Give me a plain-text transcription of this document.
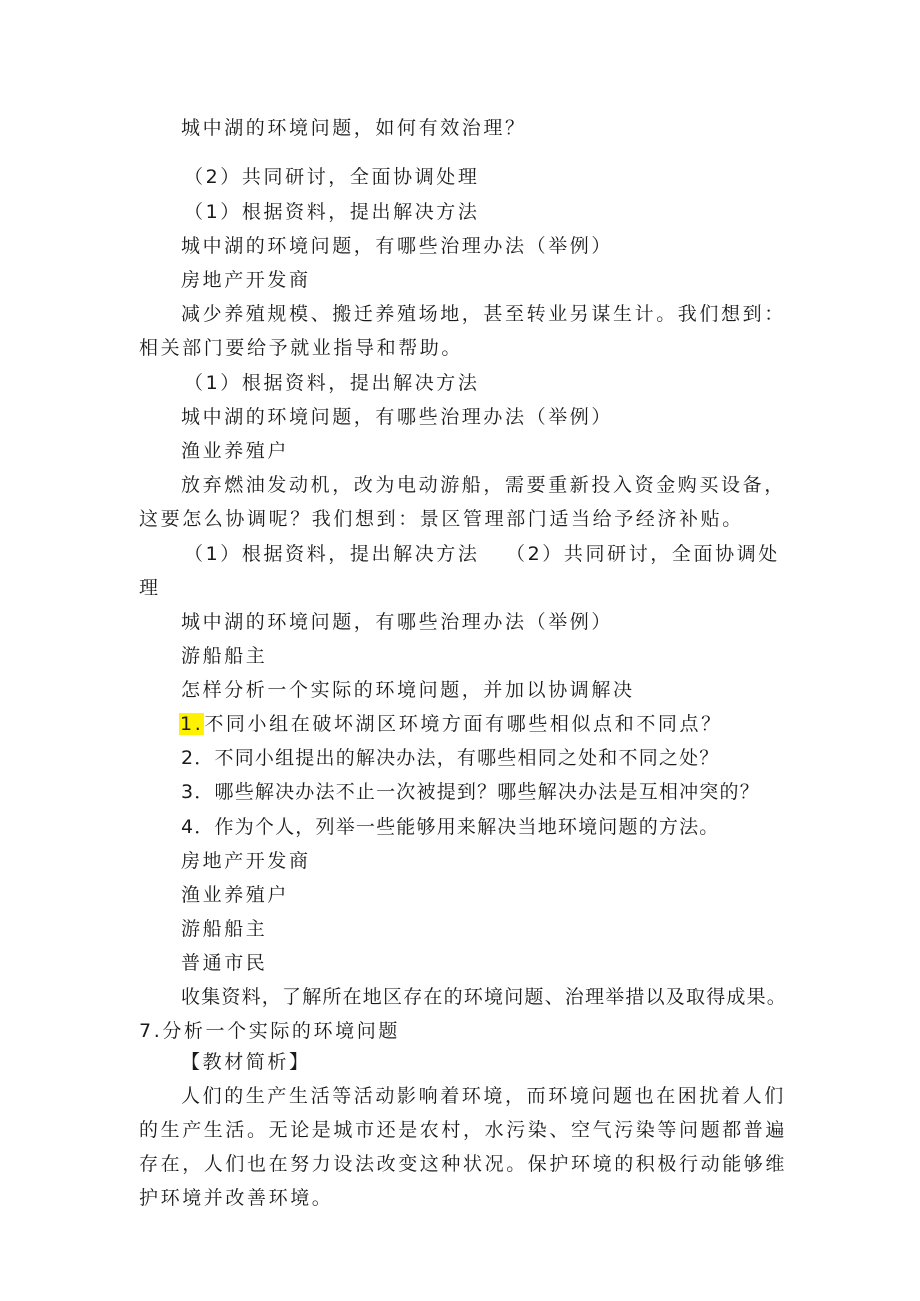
城中湖的环境问题，如何有效治理？
（2）共同研讨，全面协调处理
（1）根据资料，提出解决方法
城中湖的环境问题，有哪些治理办法（举例）
房地产开发商
减少养殖规模、搬迁养殖场地，甚至转业另谋生计。我们想到：相关部门要给予就业指导和帮助。
（1）根据资料，提出解决方法
城中湖的环境问题，有哪些治理办法（举例）
渔业养殖户
放弃燃油发动机，改为电动游船，需要重新投入资金购买设备，这要怎么协调呢？我们想到：景区管理部门适当给予经济补贴。
（1）根据资料，提出解决方法 （2）共同研讨，全面协调处
理
城中湖的环境问题，有哪些治理办法（举例）
游船船主
怎样分析一个实际的环境问题，并加以协调解决
1.不同小组在破坏湖区环境方面有哪些相似点和不同点？
2．不同小组提出的解决办法，有哪些相同之处和不同之处？
3．哪些解决办法不止一次被提到？哪些解决办法是互相冲突的？
4．作为个人，列举一些能够用来解决当地环境问题的方法。
房地产开发商
渔业养殖户
游船船主
普通市民
收集资料，了解所在地区存在的环境问题、治理举措以及取得成果。
7.分析一个实际的环境问题
【教材简析】
人们的生产生活等活动影响着环境，而环境问题也在困扰着人们的生产生活。无论是城市还是农村，水污染、空气污染等问题都普遍存在，人们也在努力设法改变这种状况。保护环境的积极行动能够维护环境并改善环境。
